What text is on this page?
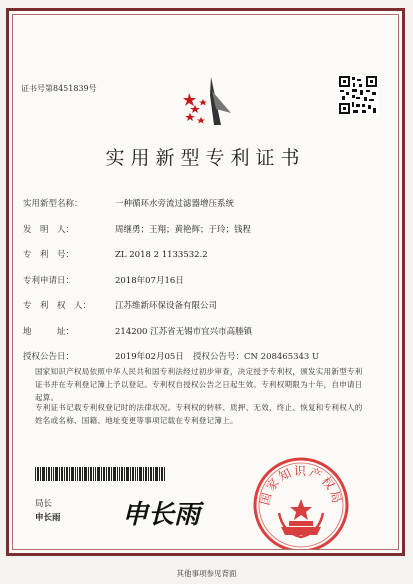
证书号第8451839号
实用新型专利证书
实用新型名称：	一种循环水旁流过滤器增压系统
发　明　人：	周继勇；王翔；黄艳辉；于玲；钱程
专　利　号：	ZL 2018 2 1133532.2
专利申请日：	2018年07月16日
专　利　权　人：	江苏维新环保设备有限公司
地　　　址：	214200 江苏省无锡市宜兴市高塍镇
授权公告日：	2019年02月05日 授权公告号：CN 208465343 U
国家知识产权局依照中华人民共和国专利法经过初步审查，决定授予专利权，颁发实用新型专利证书并在专利登记簿上予以登记。专利权自授权公告之日起生效。专利权期限为十年，自申请日起算。
专利证书记载专利权登记时的法律状况。专利权的转移、质押、无效、终止、恢复和专利权人的姓名或名称、国籍、地址变更等事项记载在专利登记簿上。
局长
申长雨 申长雨
国家知识产权局
其他事项参见背面
